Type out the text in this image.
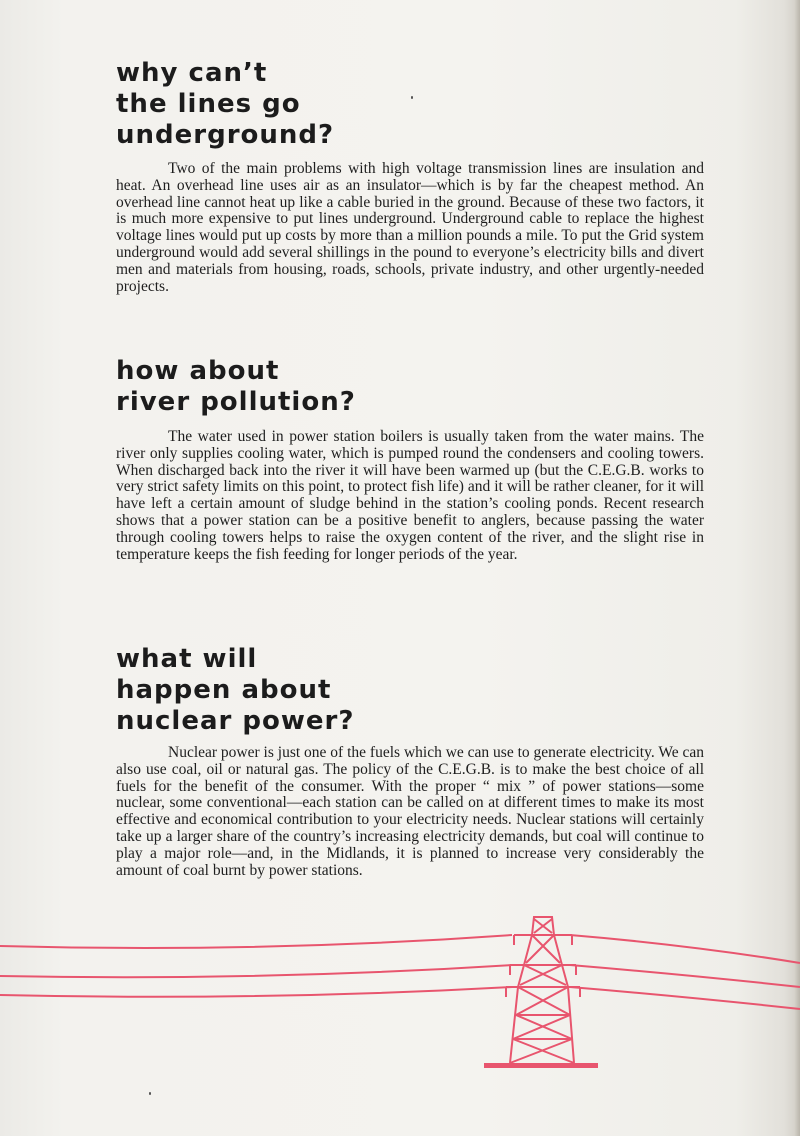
why can’t
the lines go
underground?

Two of the main problems with high voltage transmission lines are insulation and heat. An overhead line uses air as an insulator—which is by far the cheapest method. An overhead line cannot heat up like a cable buried in the ground. Because of these two factors, it is much more expensive to put lines underground. Underground cable to replace the highest voltage lines would put up costs by more than a million pounds a mile. To put the Grid system underground would add several shillings in the pound to everyone’s electricity bills and divert men and materials from housing, roads, schools, private industry, and other urgently-needed projects.

how about
river pollution?

The water used in power station boilers is usually taken from the water mains. The river only supplies cooling water, which is pumped round the condensers and cooling towers. When discharged back into the river it will have been warmed up (but the C.E.G.B. works to very strict safety limits on this point, to protect fish life) and it will be rather cleaner, for it will have left a certain amount of sludge behind in the station’s cooling ponds. Recent research shows that a power station can be a positive benefit to anglers, because passing the water through cooling towers helps to raise the oxygen content of the river, and the slight rise in temperature keeps the fish feeding for longer periods of the year.

what will
happen about
nuclear power?

Nuclear power is just one of the fuels which we can use to generate electricity. We can also use coal, oil or natural gas. The policy of the C.E.G.B. is to make the best choice of all fuels for the benefit of the consumer. With the proper “ mix ” of power stations—some nuclear, some conventional—each station can be called on at different times to make its most effective and economical contribution to your electricity needs. Nuclear stations will certainly take up a larger share of the country’s increasing electricity demands, but coal will continue to play a major role—and, in the Midlands, it is planned to increase very considerably the amount of coal burnt by power stations.
